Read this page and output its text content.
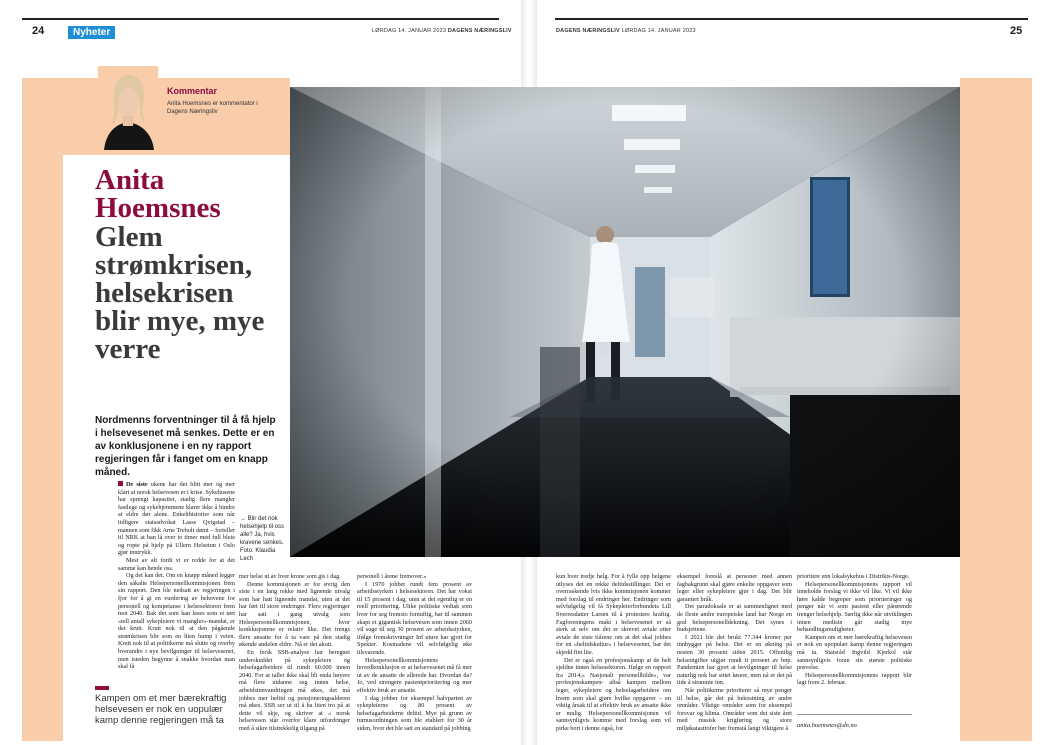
24	Nyheter	LØRDAG 14. JANUAR 2023 DAGENS NÆRINGSLIV	DAGENS NÆRINGSLIV LØRDAG 14. JANUAR 2023	25
Kommentar
Anita Hoemsnes er kommentator i Dagens Næringsliv
Anita
Hoemsnes
Glem strømkrisen, helsekrisen blir mye, mye verre
Nordmenns forventninger til å få hjelp i helsevesenet må senkes. Dette er en av konklusjonene i en ny rapport regjeringen får i fanget om en knapp måned.
→ Blir det nok helsehjelp til oss alle? Ja, hvis kravene senkes. Foto: Klaudia Lech

De siste ukene har det blitt mer og mer klart at norsk helsevesen er i krise. Sykehusene har sprengt kapasitet, stadig flere mangler fastlege og sykehjemmene klarer ikke å hindre at eldre dør alene. Enkelthistorier som når tidligere statsadvokat Lasse Qvigstad – mannen som fikk Arne Treholt dømt – forteller til NRK at han lå over to timer med full bleie og ropte på hjelp på Ullern Helsetun i Oslo gjør inntrykk.

Mest av alt fordi vi er redde for at det samme kan hende oss.

Og det kan det. Om en knapp måned legger den såkalte Helsepersonellkommisjonen frem sin rapport. Den ble nedsatt av regjeringen i fjor for å gi en vurdering av behovene for personell og kompetanse i helsesektoren frem mot 2040. Bak det som kan leses som et tørt «tell antall sykepleiere vi mangler»-mandat, er det krutt. Krutt nok til at den pågående strømkrisen blir som en liten hump i veien. Krutt nok til at politikerne må slutte og overby hverandre i nye bevilgninger til helsevesenet, men isteden begynne å snakke hvordan man skal få

mer helse ut av hver krone som gis i dag.

Denne kommisjonen er for øvrig den siste i en lang rekke med lignende utvalg som har hatt lignende mandat, uten at det har ført til store endringer. Flere regjeringer har satt i gang utvalg som Helsepersonellkommisjonen, hvor konklusjonene er relativ like. Det trengs flere ansatte for å ta vare på den stadig økende andelen eldre. Nå er det akutt.

En fersk SSB-analyse har beregnet underskuddet på sykepleiere og helsefagarbeidere til rundt 60.000 innen 2040. For at tallet ikke skal bli enda høyere må flere utdanne seg innen helse, arbeidsinnvandringen må økes, det må jobbes mer heltid og pensjoneringsalderen må økes. SSB ser ut til å ha liten tro på at dette vil skje, og skriver at « norsk helsevesen står overfor klare utfordringer med å sikre tilstrekkelig tilgang på

personell i årene fremover.»

I 1970 jobbet rundt fem prosent av arbeidsstyrken i helsesektoren. Det har vokst til 15 prosent i dag, uten at det egentlig er en reell prioritering. Ulike politiske vedtak som hver for seg fremsto fornuftig, har til sammen skapt et gigantisk helsevesen som innen 2060 vil suge til seg 30 prosent av arbeidsstyrken, ifølge fremskrivninger Inf uture har gjort for Spekter. Kostnadene vil selvfølgelig øke tilsvarende.

Helsepersonellkommisjonens hovedkonklusjon er at helsevesenet må få mer ut av de ansatte de allerede har. Hvordan da? Jo, ved strengere pasientprioritering og mer effektiv bruk av ansatte.

I dag jobber for eksempel halvparten av sykepleierne og 80 prosent av helsefagarbeiderne deltid. Mye på grunn av turnusordningen som ble etablert for 30 år siden, hvor det ble satt en standard på jobbing

kun hver tredje helg. For å fylle opp helgene utlyses det en rekke deltidsstillinger. Det er overraskende lvis ikke kommisjonen kommer med forslag til endringer her. Endringer som selvfølgelig vil få Sykepleierforbundets Lill Sverresdatter Larsen til å protestere kraftig. Fagforeningens makt i helsevesenet er så sterk at selv om det er skrevet avtale etter avtale de siste tiårene om at det skal jobbes for en «heltidskultur» i helsevesenet, har det skjedd fint lite.

Det er også en profesjonskamp at de helt sjeldne innen helsesektoren. Ifølge en rapport fra 2014,« Nasjonalt personellbilde», var profesjonskampen- altså kampen mellom leger, sykepleiere og helsefagarbeidere om hvem som skal gjøre hvilke oppgaver – en viktig årsak til at effektiv bruk av ansatte ikke er mulig. Helsepersonellkommisjonen vil sannsynligvis komme med forslag som vil pirke bort i denne også, for

eksempel foreslå at personer med annen fagbakgrunn skal gjøre enkelte oppgaver som leger eller sykepleiere gjør i dag. Det blir garantert bråk.

Det paradoksale er at sammenlignet med de fleste andre europeiske land har Norge en god helsepersonelldekning. Det synes i budsjettene.

I 2021 ble det brukt 77.344 kroner per innbygger på helse. Det er en økning på nesten 30 prosent siden 2015. Offentlig helseutgifter utgjør rundt ti prosent av bnp. Pandemien har gjort at bevilgninger til helse naturlig nok har sittet løsere, men nå er det på tide å stramme inn.

Når politikerne prioriterer så mye penger til helse, går det på bekostning av andre områder. Viktige områder som for eksempel forsvar og klima. Områder som det siste året med russisk krigføring og store miljøkatastrofer bør fremstå langt viktigere å

prioritere enn lokalsykehus i Distrikts-Norge.

Helsepersonellkommisjonens rapport vil inneholde forslag vi ikke vil like. Vi vil ikke høre kalde begreper som prioriteringer og penger når vi som pasient eller pårørende trenger helsehjelp. Særlig ikke når utviklingen innen medisin går stadig mye behandlingsmuligheter.

Kampen om et mer bærekraftig helsevesen er nok en upopulær kamp denne regjeringen må ta. Statsråd Ingvild Kjerkol står sannsynligvis foran sin største politiske prøvelse.

Helsepersonellkommisjonens rapport blir lagt frem 2. februar.

anita.hoemsnes@dn.no
Kampen om et mer bærekraftig helsevesen er nok en uopulær kamp denne regjeringen må ta
